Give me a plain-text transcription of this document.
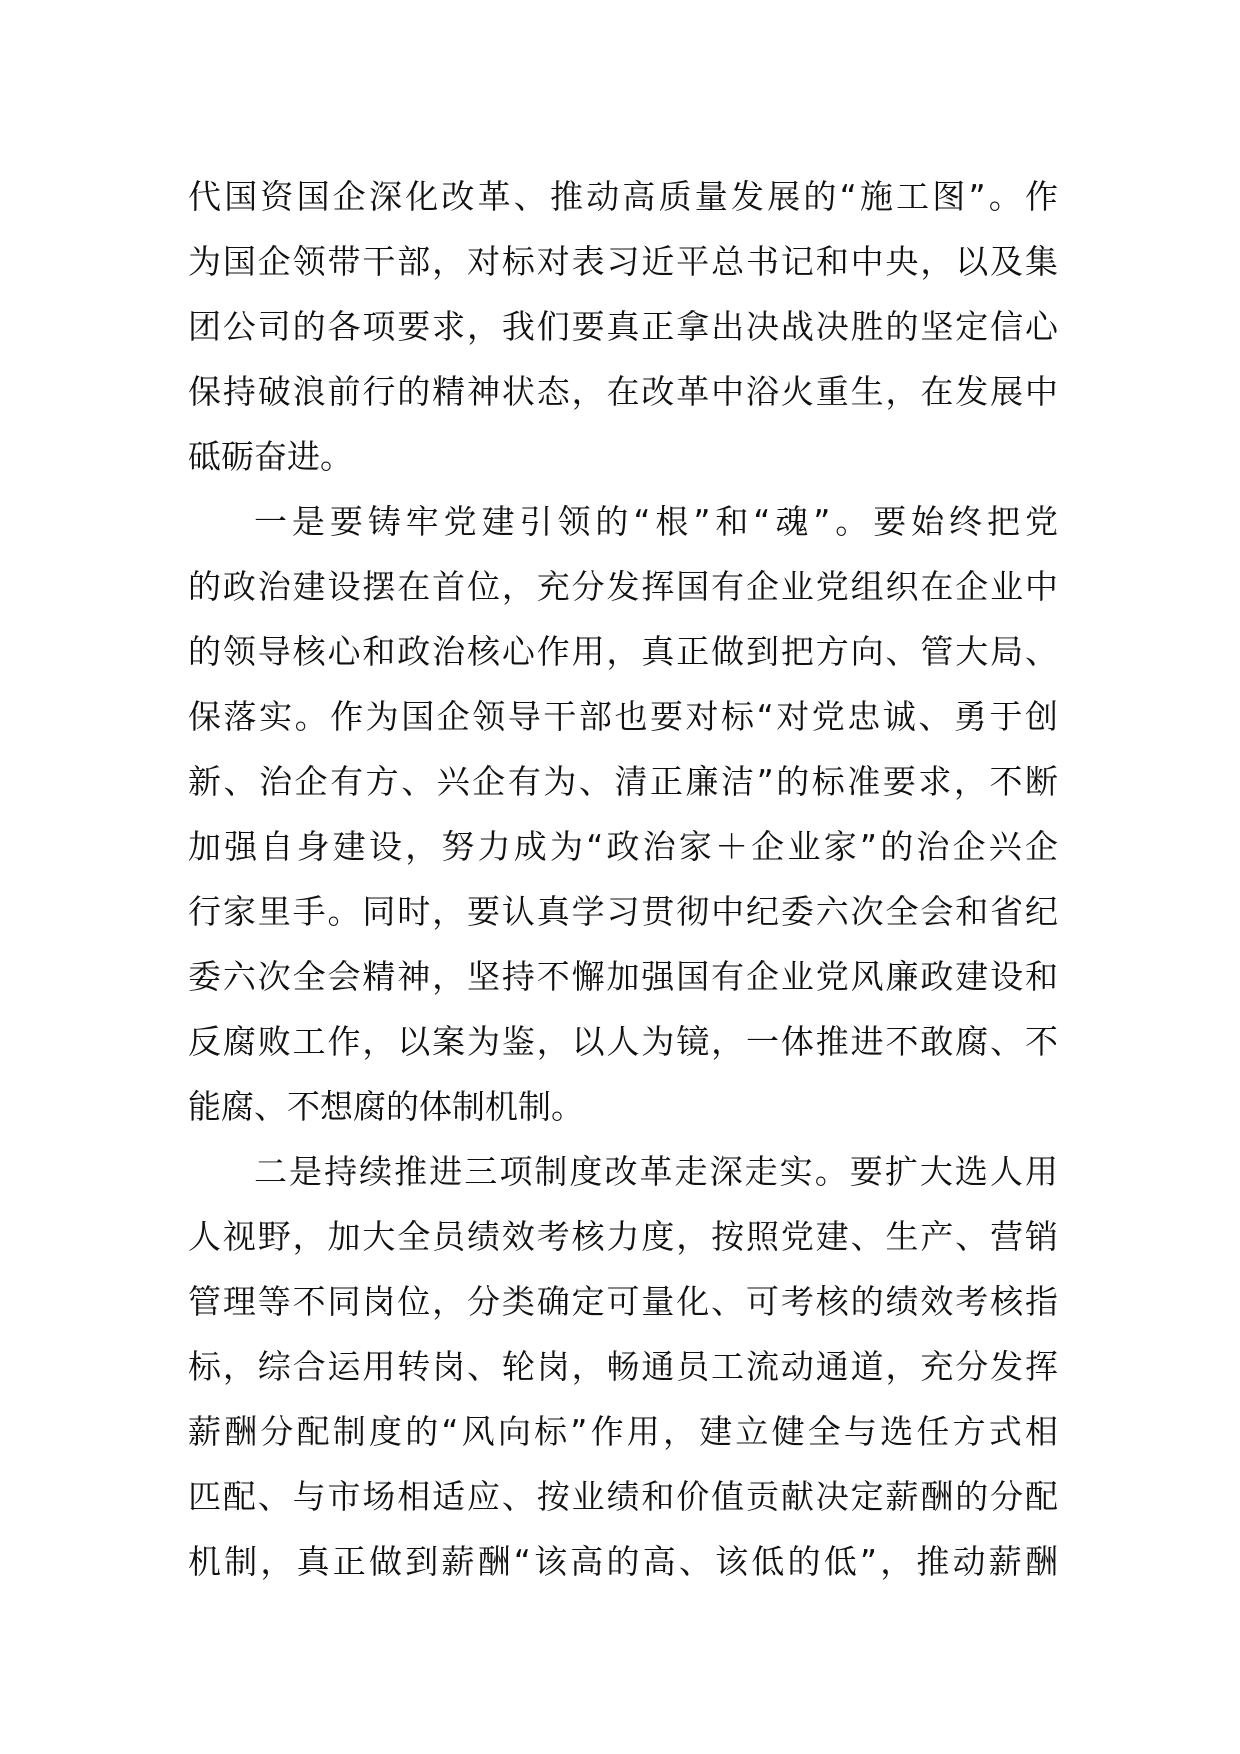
代国资国企深化改革、推动高质量发展的“施工图”。作
为国企领带干部，对标对表习近平总书记和中央，以及集
团公司的各项要求，我们要真正拿出决战决胜的坚定信心
保持破浪前行的精神状态，在改革中浴火重生，在发展中
砥砺奋进。
一是要铸牢党建引领的“根”和“魂”。要始终把党
的政治建设摆在首位，充分发挥国有企业党组织在企业中
的领导核心和政治核心作用，真正做到把方向、管大局、
保落实。作为国企领导干部也要对标“对党忠诚、勇于创
新、治企有方、兴企有为、清正廉洁”的标准要求，不断
加强自身建设，努力成为“政治家＋企业家”的治企兴企
行家里手。同时，要认真学习贯彻中纪委六次全会和省纪
委六次全会精神，坚持不懈加强国有企业党风廉政建设和
反腐败工作，以案为鉴，以人为镜，一体推进不敢腐、不
能腐、不想腐的体制机制。
二是持续推进三项制度改革走深走实。要扩大选人用
人视野，加大全员绩效考核力度，按照党建、生产、营销
管理等不同岗位，分类确定可量化、可考核的绩效考核指
标，综合运用转岗、轮岗，畅通员工流动通道，充分发挥
薪酬分配制度的“风向标”作用，建立健全与选任方式相
匹配、与市场相适应、按业绩和价值贡献决定薪酬的分配
机制，真正做到薪酬“该高的高、该低的低”，推动薪酬
